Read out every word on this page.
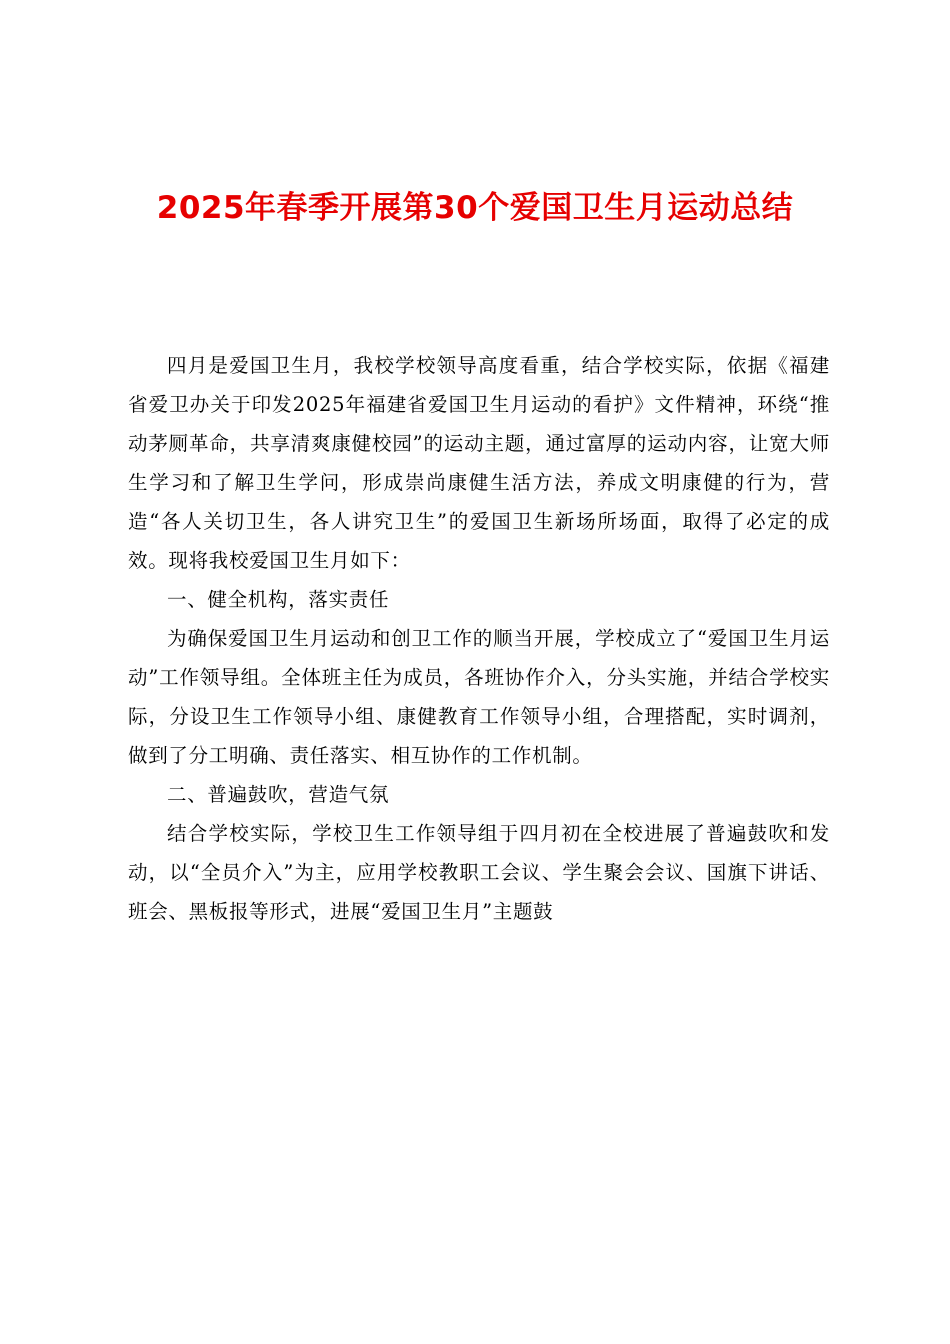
2025年春季开展第30个爱国卫生月运动总结

四月是爱国卫生月，我校学校领导高度看重，结合学校实际，依据《福建省爱卫办关于印发2025年福建省爱国卫生月运动的看护》文件精神，环绕“推动茅厕革命，共享清爽康健校园”的运动主题，通过富厚的运动内容，让宽大师生学习和了解卫生学问，形成崇尚康健生活方法，养成文明康健的行为，营造“各人关切卫生，各人讲究卫生”的爱国卫生新场所场面，取得了必定的成效。现将我校爱国卫生月如下：

一、健全机构，落实责任

为确保爱国卫生月运动和创卫工作的顺当开展，学校成立了“爱国卫生月运动”工作领导组。全体班主任为成员，各班协作介入，分头实施，并结合学校实际，分设卫生工作领导小组、康健教育工作领导小组，合理搭配，实时调剂，做到了分工明确、责任落实、相互协作的工作机制。

二、普遍鼓吹，营造气氛

结合学校实际，学校卫生工作领导组于四月初在全校进展了普遍鼓吹和发动，以“全员介入”为主，应用学校教职工会议、学生聚会会议、国旗下讲话、班会、黑板报等形式，进展“爱国卫生月”主题鼓
